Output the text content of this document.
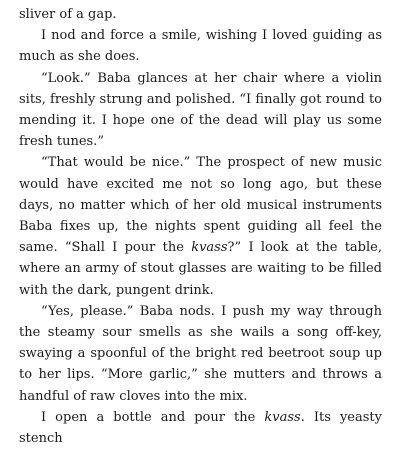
sliver of a gap.

I nod and force a smile, wishing I loved guiding as much as she does.

“Look.” Baba glances at her chair where a violin sits, freshly strung and polished. “I finally got round to mending it. I hope one of the dead will play us some fresh tunes.”

“That would be nice.” The prospect of new music would have excited me not so long ago, but these days, no matter which of her old musical instruments Baba fixes up, the nights spent guiding all feel the same. “Shall I pour the kvass?” I look at the table, where an army of stout glasses are waiting to be filled with the dark, pungent drink.

“Yes, please.” Baba nods. I push my way through the steamy sour smells as she wails a song off-key, swaying a spoonful of the bright red beetroot soup up to her lips. “More garlic,” she mutters and throws a handful of raw cloves into the mix.

I open a bottle and pour the kvass. Its yeasty stench
